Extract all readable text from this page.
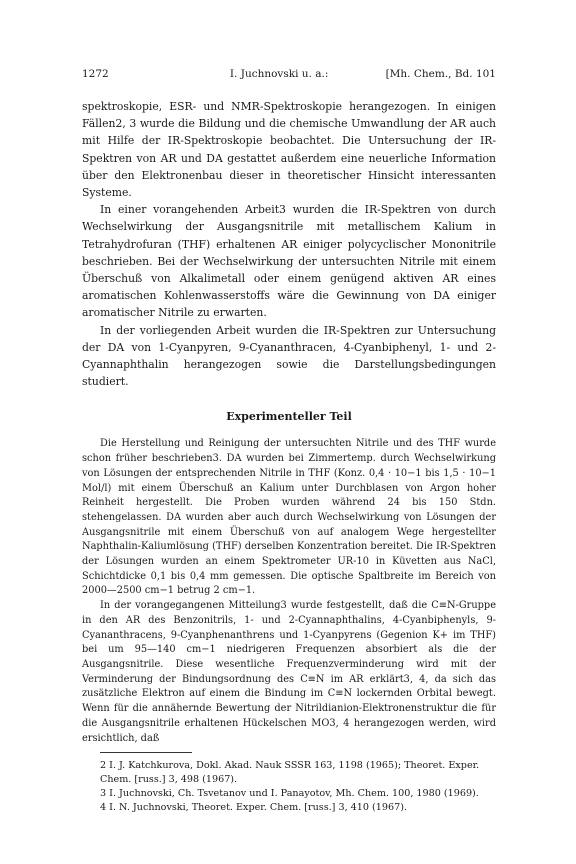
1272	I. Juchnovski u. a.:	[Mh. Chem., Bd. 101

spektroskopie, ESR- und NMR-Spektroskopie herangezogen. In einigen Fällen2, 3 wurde die Bildung und die chemische Umwandlung der AR auch mit Hilfe der IR-Spektroskopie beobachtet. Die Untersuchung der IR-Spektren von AR und DA gestattet außerdem eine neuerliche Information über den Elektronenbau dieser in theoretischer Hinsicht interessanten Systeme.

In einer vorangehenden Arbeit3 wurden die IR-Spektren von durch Wechselwirkung der Ausgangsnitrile mit metallischem Kalium in Tetrahydrofuran (THF) erhaltenen AR einiger polycyclischer Mononitrile beschrieben. Bei der Wechselwirkung der untersuchten Nitrile mit einem Überschuß von Alkalimetall oder einem genügend aktiven AR eines aromatischen Kohlenwasserstoffs wäre die Gewinnung von DA einiger aromatischer Nitrile zu erwarten.

In der vorliegenden Arbeit wurden die IR-Spektren zur Untersuchung der DA von 1-Cyanpyren, 9-Cyananthracen, 4-Cyanbiphenyl, 1- und 2-Cyannaphthalin herangezogen sowie die Darstellungsbedingungen studiert.

Experimenteller Teil

Die Herstellung und Reinigung der untersuchten Nitrile und des THF wurde schon früher beschrieben3. DA wurden bei Zimmertemp. durch Wechselwirkung von Lösungen der entsprechenden Nitrile in THF (Konz. 0,4 · 10−1 bis 1,5 · 10−1 Mol/l) mit einem Überschuß an Kalium unter Durchblasen von Argon hoher Reinheit hergestellt. Die Proben wurden während 24 bis 150 Stdn. stehengelassen. DA wurden aber auch durch Wechselwirkung von Lösungen der Ausgangsnitrile mit einem Überschuß von auf analogem Wege hergestellter Naphthalin-Kaliumlösung (THF) derselben Konzentration bereitet. Die IR-Spektren der Lösungen wurden an einem Spektrometer UR-10 in Küvetten aus NaCl, Schichtdicke 0,1 bis 0,4 mm gemessen. Die optische Spaltbreite im Bereich von 2000—2500 cm−1 betrug 2 cm−1.

In der vorangegangenen Mitteilung3 wurde festgestellt, daß die C≡N-Gruppe in den AR des Benzonitrils, 1- und 2-Cyannaphthalins, 4-Cyanbiphenyls, 9-Cyananthracens, 9-Cyanphenanthrens und 1-Cyanpyrens (Gegenion K+ im THF) bei um 95—140 cm−1 niedrigeren Frequenzen absorbiert als die der Ausgangsnitrile. Diese wesentliche Frequenzverminderung wird mit der Verminderung der Bindungsordnung des C≡N im AR erklärt3, 4, da sich das zusätzliche Elektron auf einem die Bindung im C≡N lockernden Orbital bewegt. Wenn für die annähernde Bewertung der Nitrildianion-Elektronenstruktur die für die Ausgangsnitrile erhaltenen Hückelschen MO3, 4 herangezogen werden, wird ersichtlich, daß

2 I. J. Katchkurova, Dokl. Akad. Nauk SSSR 163, 1198 (1965); Theoret. Exper. Chem. [russ.] 3, 498 (1967).

3 I. Juchnovski, Ch. Tsvetanov und I. Panayotov, Mh. Chem. 100, 1980 (1969).

4 I. N. Juchnovski, Theoret. Exper. Chem. [russ.] 3, 410 (1967).
